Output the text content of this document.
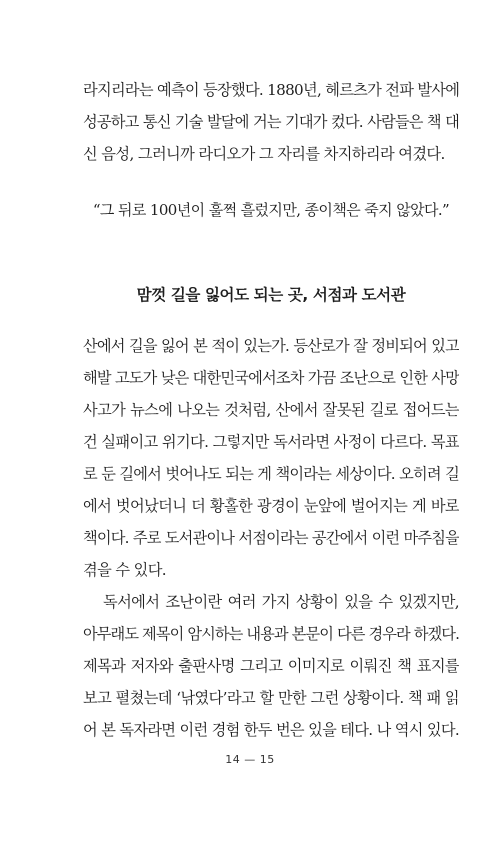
라지리라는 예측이 등장했다. 1880년, 헤르츠가 전파 발사에
성공하고 통신 기술 발달에 거는 기대가 컸다. 사람들은 책 대
신 음성, 그러니까 라디오가 그 자리를 차지하리라 여겼다.

“그 뒤로 100년이 훌쩍 흘렀지만, 종이책은 죽지 않았다.”

맘껏 길을 잃어도 되는 곳, 서점과 도서관

산에서 길을 잃어 본 적이 있는가. 등산로가 잘 정비되어 있고
해발 고도가 낮은 대한민국에서조차 가끔 조난으로 인한 사망
사고가 뉴스에 나오는 것처럼, 산에서 잘못된 길로 접어드는
건 실패이고 위기다. 그렇지만 독서라면 사정이 다르다. 목표
로 둔 길에서 벗어나도 되는 게 책이라는 세상이다. 오히려 길
에서 벗어났더니 더 황홀한 광경이 눈앞에 벌어지는 게 바로
책이다. 주로 도서관이나 서점이라는 공간에서 이런 마주침을
겪을 수 있다.

독서에서 조난이란 여러 가지 상황이 있을 수 있겠지만,
아무래도 제목이 암시하는 내용과 본문이 다른 경우라 하겠다.
제목과 저자와 출판사명 그리고 이미지로 이뤄진 책 표지를
보고 펼쳤는데 ‘낚였다’라고 할 만한 그런 상황이다. 책 패 읽
어 본 독자라면 이런 경험 한두 번은 있을 테다. 나 역시 있다.

14 — 15
